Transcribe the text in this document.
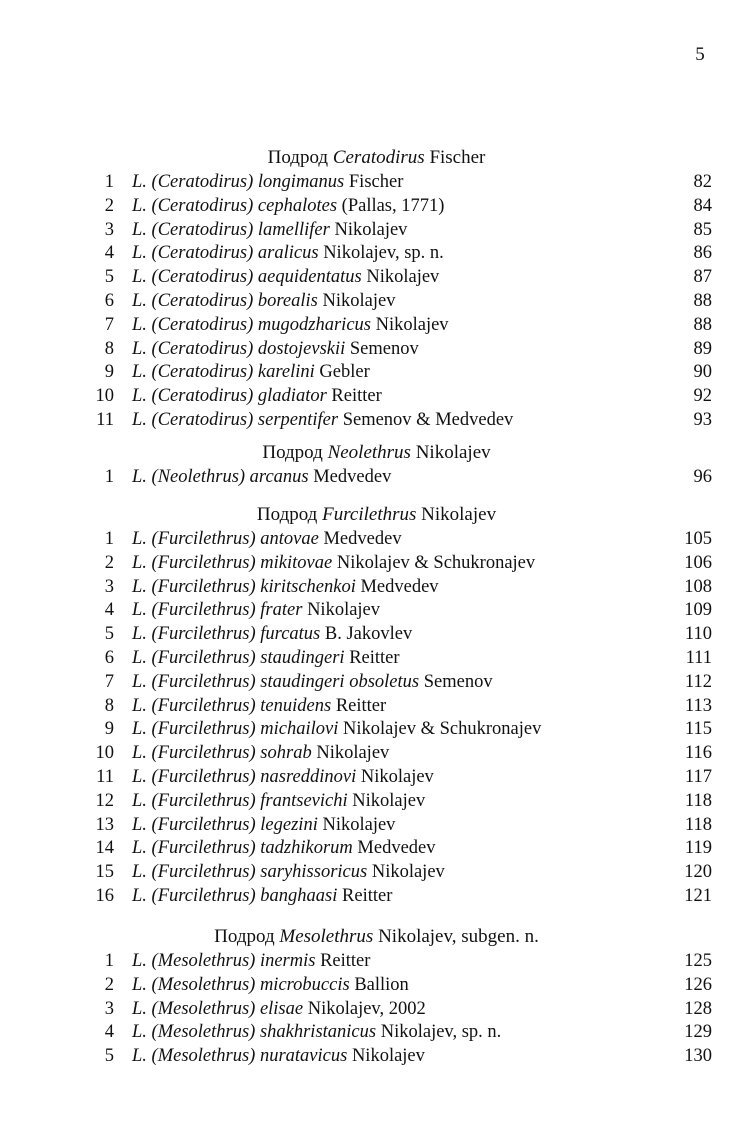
5
Подрод Ceratodirus Fischer
1 L. (Ceratodirus) longimanus Fischer	82
2 L. (Ceratodirus) cephalotes (Pallas, 1771)	84
3 L. (Ceratodirus) lamellifer Nikolajev	85
4 L. (Ceratodirus) aralicus Nikolajev, sp. n.	86
5 L. (Ceratodirus) aequidentatus Nikolajev	87
6 L. (Ceratodirus) borealis Nikolajev	88
7 L. (Ceratodirus) mugodzharicus Nikolajev	88
8 L. (Ceratodirus) dostojevskii Semenov	89
9 L. (Ceratodirus) karelini Gebler	90
10 L. (Ceratodirus) gladiator Reitter	92
11 L. (Ceratodirus) serpentifer Semenov & Medvedev	93
Подрод Neolethrus Nikolajev
1 L. (Neolethrus) arcanus Medvedev	96
Подрод Furcilethrus Nikolajev
1 L. (Furcilethrus) antovae Medvedev	105
2 L. (Furcilethrus) mikitovae Nikolajev & Schukronajev	106
3 L. (Furcilethrus) kiritschenkoi Medvedev	108
4 L. (Furcilethrus) frater Nikolajev	109
5 L. (Furcilethrus) furcatus B. Jakovlev	110
6 L. (Furcilethrus) staudingeri Reitter	111
7 L. (Furcilethrus) staudingeri obsoletus Semenov	112
8 L. (Furcilethrus) tenuidens Reitter	113
9 L. (Furcilethrus) michailovi Nikolajev & Schukronajev	115
10 L. (Furcilethrus) sohrab Nikolajev	116
11 L. (Furcilethrus) nasreddinovi Nikolajev	117
12 L. (Furcilethrus) frantsevichi Nikolajev	118
13 L. (Furcilethrus) legezini Nikolajev	118
14 L. (Furcilethrus) tadzhikorum Medvedev	119
15 L. (Furcilethrus) saryhissoricus Nikolajev	120
16 L. (Furcilethrus) banghaasi Reitter	121
Подрод Mesolethrus Nikolajev, subgen. n.
1 L. (Mesolethrus) inermis Reitter	125
2 L. (Mesolethrus) microbuccis Ballion	126
3 L. (Mesolethrus) elisae Nikolajev, 2002	128
4 L. (Mesolethrus) shakhristanicus Nikolajev, sp. n.	129
5 L. (Mesolethrus) nuratavicus Nikolajev	130
